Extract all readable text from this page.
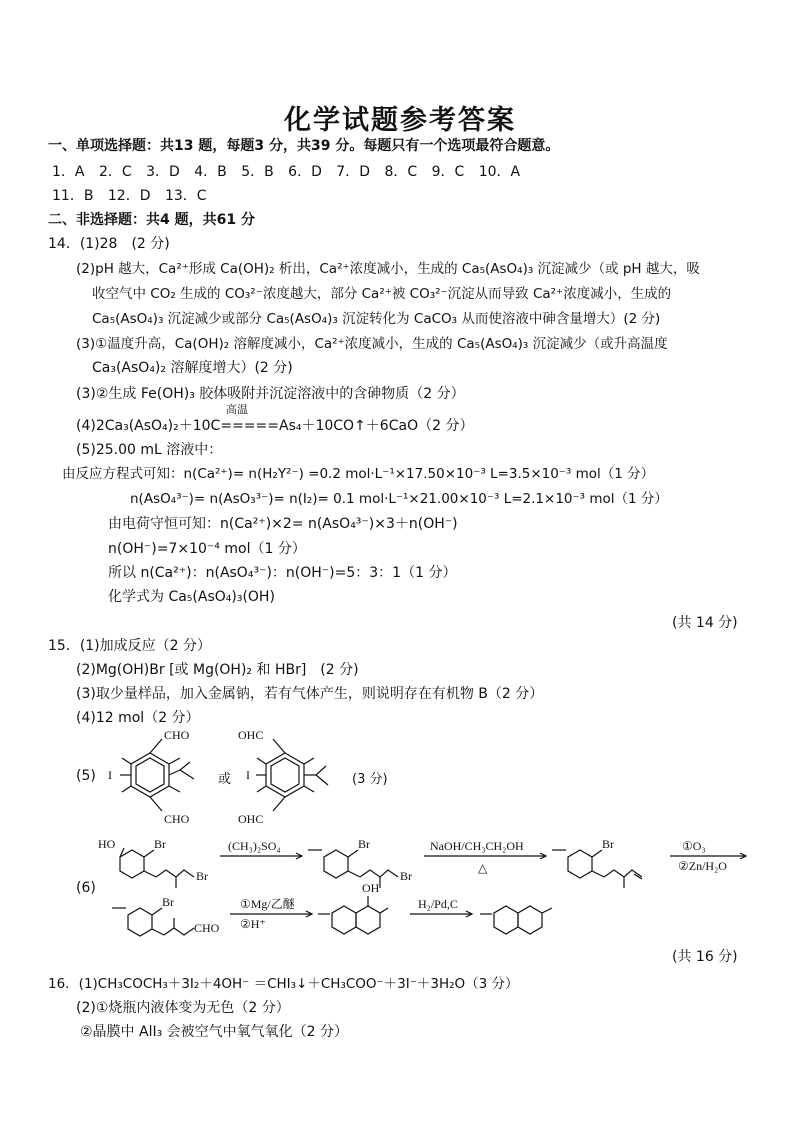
化学试题参考答案
一、单项选择题：共13 题，每题3 分，共39 分。每题只有一个选项最符合题意。
1．A 2．C 3．D 4．B 5．B 6．D 7．D 8．C 9．C 10．A
11．B 12．D 13．C
二、非选择题：共4 题，共61 分
14．(1)28　(2 分)
(2)pH 越大，Ca²⁺形成 Ca(OH)₂ 析出，Ca²⁺浓度减小，生成的 Ca₅(AsO₄)₃ 沉淀减少（或 pH 越大，吸
收空气中 CO₂ 生成的 CO₃²⁻浓度越大，部分 Ca²⁺被 CO₃²⁻沉淀从而导致 Ca²⁺浓度减小，生成的
Ca₅(AsO₄)₃ 沉淀减少或部分 Ca₅(AsO₄)₃ 沉淀转化为 CaCO₃ 从而使溶液中砷含量增大）(2 分)
(3)①温度升高，Ca(OH)₂ 溶解度减小，Ca²⁺浓度减小，生成的 Ca₅(AsO₄)₃ 沉淀减少（或升高温度
Ca₃(AsO₄)₂ 溶解度增大）(2 分)
(3)②生成 Fe(OH)₃ 胶体吸附并沉淀溶液中的含砷物质（2 分）
高温
(4)2Ca₃(AsO₄)₂＋10C=====As₄＋10CO↑＋6CaO（2 分）
(5)25.00 mL 溶液中：
由反应方程式可知：n(Ca²⁺)= n(H₂Y²⁻) =0.2 mol·L⁻¹×17.50×10⁻³ L=3.5×10⁻³ mol（1 分）
n(AsO₄³⁻)= n(AsO₃³⁻)= n(I₂)= 0.1 mol·L⁻¹×21.00×10⁻³ L=2.1×10⁻³ mol（1 分）
由电荷守恒可知：n(Ca²⁺)×2= n(AsO₄³⁻)×3＋n(OH⁻)
n(OH⁻)=7×10⁻⁴ mol（1 分）
所以 n(Ca²⁺)：n(AsO₄³⁻)：n(OH⁻)=5：3：1（1 分）
化学式为 Ca₅(AsO₄)₃(OH)
(共 14 分)
15．(1)加成反应（2 分）
(2)Mg(OH)Br [或 Mg(OH)₂ 和 HBr]　(2 分)
(3)取少量样品，加入金属钠，若有气体产生，则说明存在有机物 B（2 分）
(4)12 mol（2 分）
(5)
CHO
CHO
I	或
OHC
OHC
I	(3 分)
(6)
HO	Br
Br
(CH₃)₂SO₄	Br
Br
NaOH/CH₃CH₂OH
△
Br	①O₃
②Zn/H₂O
Br
CHO
①Mg/乙醚
②H⁺
OH
H₂/Pd,C
(共 16 分)
16．(1)CH₃COCH₃＋3I₂＋4OH⁻ ＝CHI₃↓＋CH₃COO⁻＋3I⁻＋3H₂O（3 分）
(2)①烧瓶内液体变为无色（2 分）
②晶膜中 AlI₃ 会被空气中氧气氧化（2 分）
